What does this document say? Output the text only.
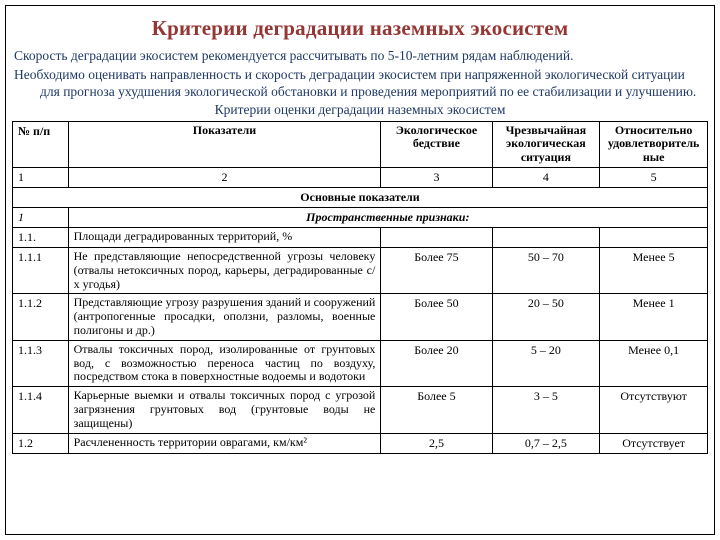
Критерии деградации наземных экосистем
Скорость деградации экосистем рекомендуется рассчитывать по 5-10-летним рядам наблюдений.
Необходимо оценивать направленность и скорость деградации экосистем при напряженной экологической ситуации для прогноза ухудшения экологической обстановки и проведения мероприятий по ее стабилизации и улучшению.
Критерии оценки деградации наземных экосистем
№ п/п	Показатели	Экологическое бедствие	Чрезвычайная экологическая ситуация	Относительно удовлетворительные
1	2	3	4	5
Основные показатели				
1	Пространственные признаки:			
1.1.	Площади деградированных территорий, %			
1.1.1	Не представляющие непосредственной угрозы человеку (отвалы нетоксичных пород, карьеры, деградированные с/х угодья)	Более 75	50 – 70	Менее 5
1.1.2	Представляющие угрозу разрушения зданий и сооружений (антропогенные просадки, оползни, разломы, военные полигоны и др.)	Более 50	20 – 50	Менее 1
1.1.3	Отвалы токсичных пород, изолированные от грунтовых вод, с возможностью переноса частиц по воздуху, посредством стока в поверхностные водоемы и водотоки	Более 20	5 – 20	Менее 0,1
1.1.4	Карьерные выемки и отвалы токсичных пород с угрозой загрязнения грунтовых вод (грунтовые воды не защищены)	Более 5	3 – 5	Отсутствуют
1.2	Расчлененность территории оврагами, км/км²	2,5	0,7 – 2,5	Отсутствует
